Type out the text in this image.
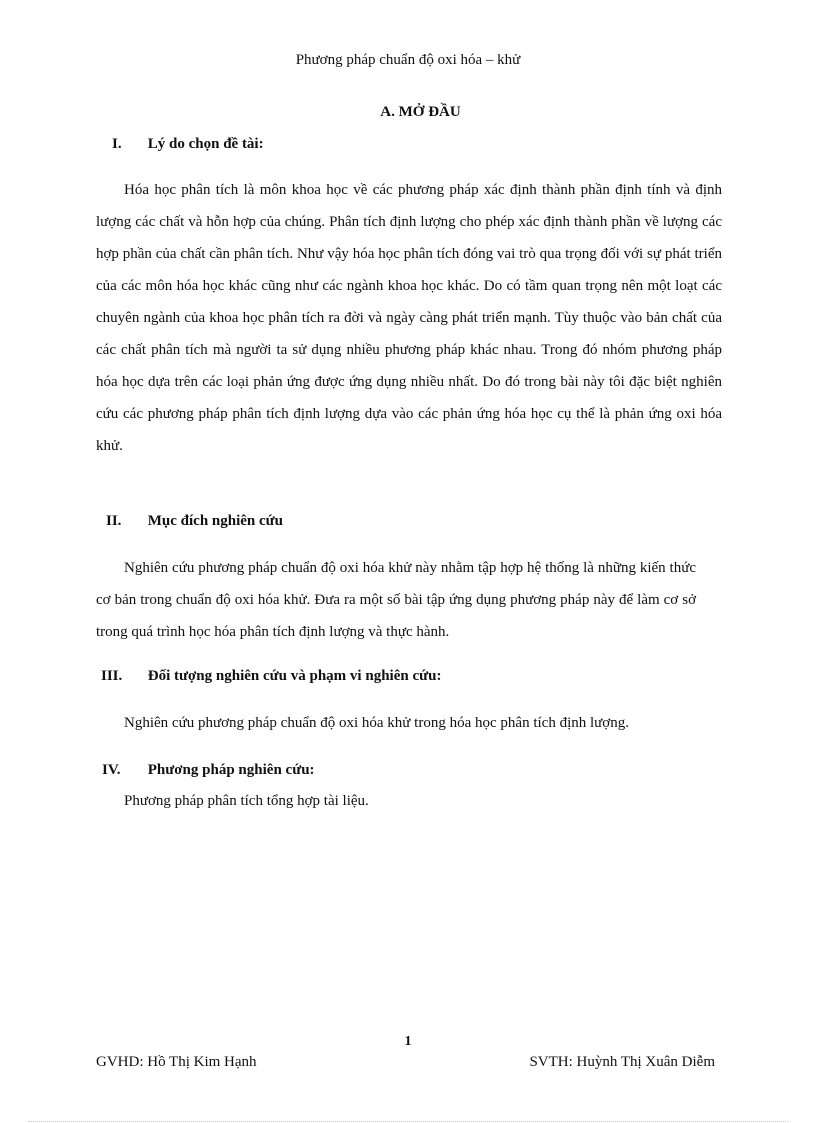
Phương pháp chuẩn độ oxi hóa – khử
A. MỞ ĐẦU
I. Lý do chọn đề tài:

Hóa học phân tích là môn khoa học về các phương pháp xác định thành phần định tính và định lượng các chất và hỗn hợp của chúng. Phân tích định lượng cho phép xác định thành phần về lượng các hợp phần của chất cần phân tích. Như vậy hóa học phân tích đóng vai trò qua trọng đối với sự phát triển của các môn hóa học khác cũng như các ngành khoa học khác. Do có tầm quan trọng nên một loạt các chuyên ngành của khoa học phân tích ra đời và ngày càng phát triển mạnh. Tùy thuộc vào bản chất của các chất phân tích mà người ta sử dụng nhiều phương pháp khác nhau. Trong đó nhóm phương pháp hóa học dựa trên các loại phản ứng được ứng dụng nhiều nhất. Do đó trong bài này tôi đặc biệt nghiên cứu các phương pháp phân tích định lượng dựa vào các phản ứng hóa học cụ thể là phản ứng oxi hóa khử.

II. Mục đích nghiên cứu

Nghiên cứu phương pháp chuẩn độ oxi hóa khử này nhằm tập hợp hệ thống là những kiến thức cơ bản trong chuẩn độ oxi hóa khử. Đưa ra một số bài tập ứng dụng phương pháp này để làm cơ sở trong quá trình học hóa phân tích định lượng và thực hành.

III. Đối tượng nghiên cứu và phạm vi nghiên cứu:
Nghiên cứu phương pháp chuẩn độ oxi hóa khử trong hóa học phân tích định lượng.
IV. Phương pháp nghiên cứu:
Phương pháp phân tích tổng hợp tài liệu.
1
GVHD: Hồ Thị Kim Hạnh	SVTH: Huỳnh Thị Xuân Diễm
